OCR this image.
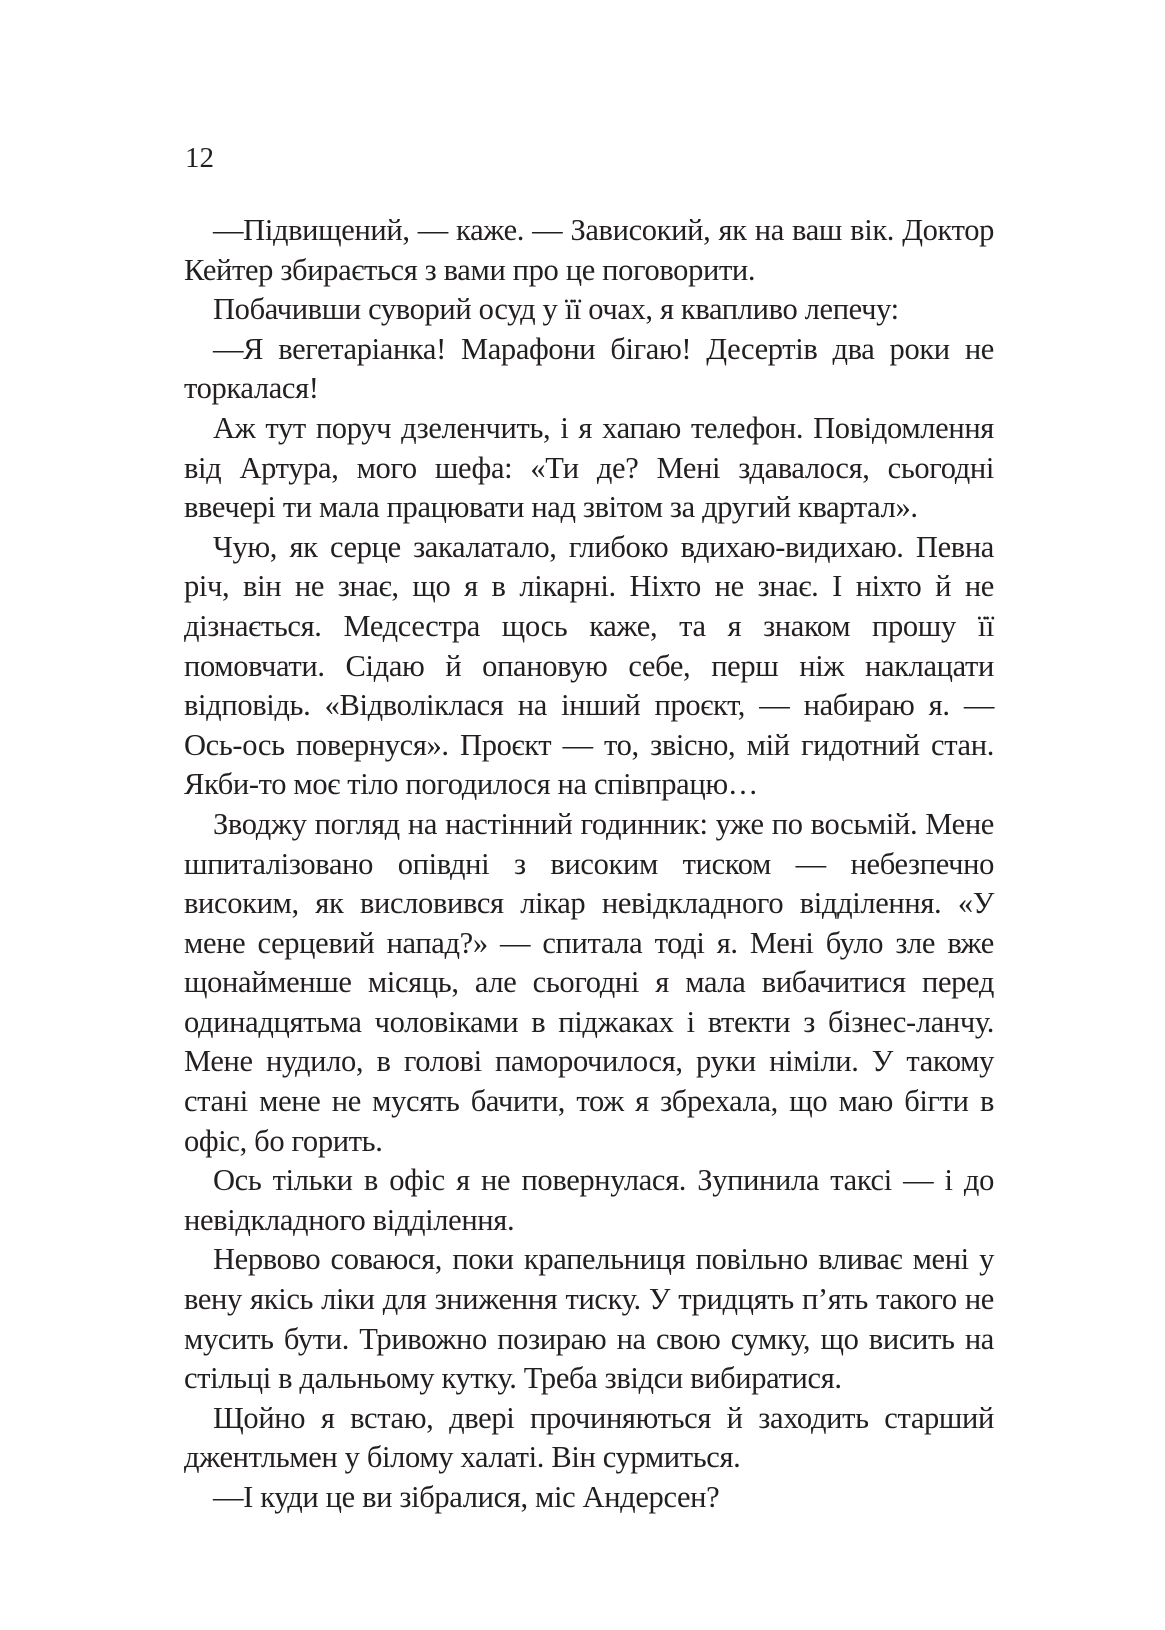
12

—Підвищений, — каже. — Зависокий, як на ваш вік. Доктор Кейтер збирається з вами про це поговорити.

Побачивши суворий осуд у її очах, я квапливо лепечу:

—Я вегетаріанка! Марафони бігаю! Десертів два роки не торкалася!

Аж тут поруч дзеленчить, і я хапаю телефон. Повідомлення від Артура, мого шефа: «Ти де? Мені здавалося, сьогодні ввечері ти мала працювати над звітом за другий квартал».

Чую, як серце закалатало, глибоко вдихаю-видихаю. Певна річ, він не знає, що я в лікарні. Ніхто не знає. І ніхто й не дізнається. Медсестра щось каже, та я знаком прошу її помовчати. Сідаю й опановую себе, перш ніж наклацати відповідь. «Відволіклася на інший проєкт, — набираю я. — Ось-ось повернуся». Проєкт — то, звісно, мій гидотний стан. Якби-то моє тіло погодилося на співпрацю…

Зводжу погляд на настінний годинник: уже по восьмій. Мене шпиталізовано опівдні з високим тиском — небезпечно високим, як висловився лікар невідкладного відділення. «У мене серцевий напад?» — спитала тоді я. Мені було зле вже щонайменше місяць, але сьогодні я мала вибачитися перед одинадцятьма чоловіками в піджаках і втекти з бізнес-ланчу. Мене нудило, в голові паморочилося, руки німіли. У такому стані мене не мусять бачити, тож я збрехала, що маю бігти в офіс, бо горить.

Ось тільки в офіс я не повернулася. Зупинила таксі — і до невідкладного відділення.

Нервово соваюся, поки крапельниця повільно вливає мені у вену якісь ліки для зниження тиску. У тридцять п’ять такого не мусить бути. Тривожно позираю на свою сумку, що висить на стільці в дальньому кутку. Треба звідси вибиратися.

Щойно я встаю, двері прочиняються й заходить старший джентльмен у білому халаті. Він сурмиться.

—І куди це ви зібралися, міс Андерсен?
